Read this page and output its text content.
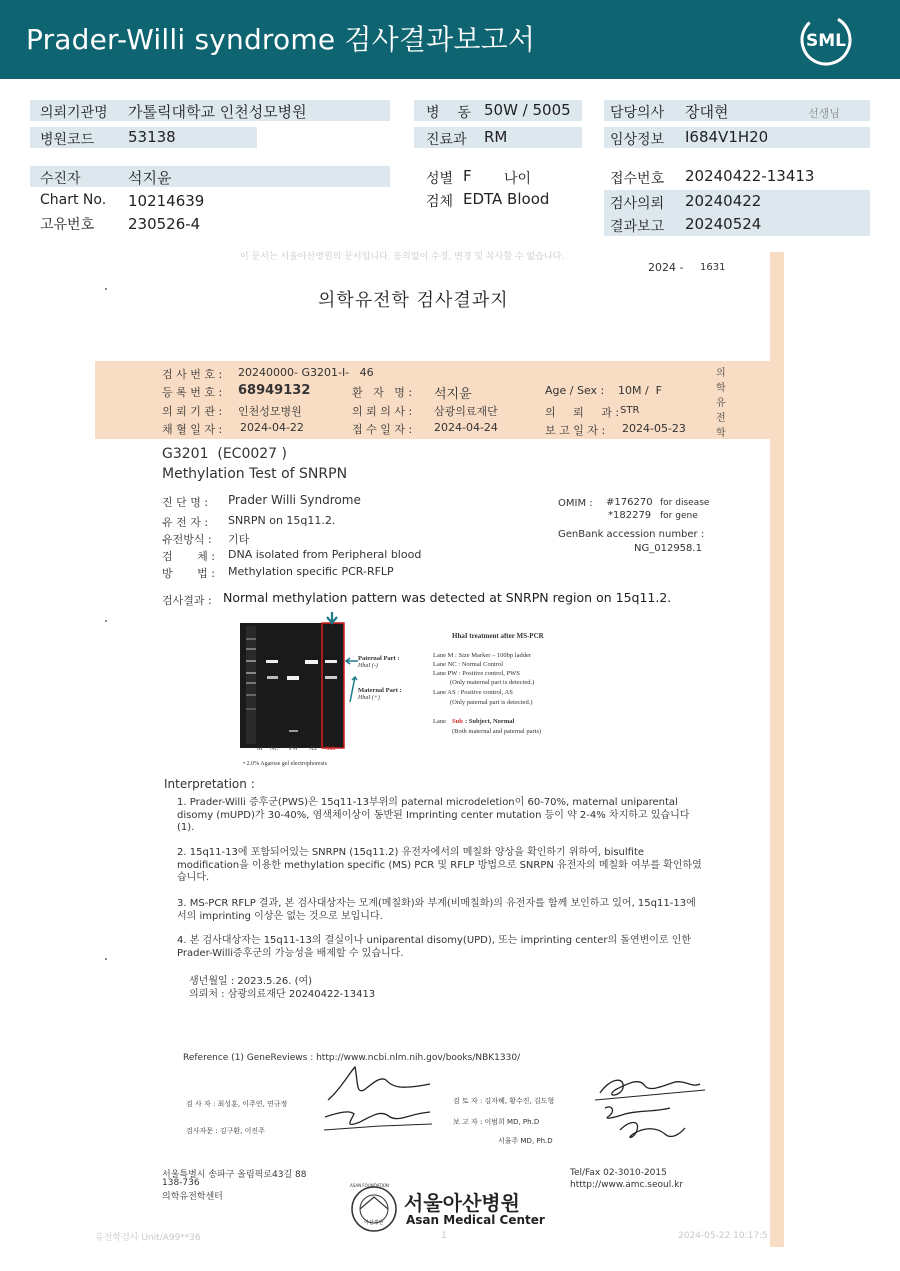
Prader-Willi syndrome 검사결과보고서	SML
의뢰기관명 가톨릭대학교 인천성모병원	병    동 50W / 5005	담당의사 장대현	선생님
병원코드 53138	진료과 RM	임상정보 I684V1H20
수진자	석지윤	성별 F 나이	접수번호 20240422-13413
Chart No. 10214639	검체 EDTA Blood	검사의뢰 20240422
고유번호 230526-4	결과보고 20240524
이 문서는 서울아산병원의 문서입니다. 동의없이 수정, 변경 및 복사할 수 없습니다.
2024 - 1631
의학유전학 검사결과지
검 사 번 호 : 20240000- G3201-I-   46
등 록 번 호 : 68949132	환   자   명 : 석지윤	Age / Sex : 10M /  F
의 뢰 기 관 : 인천성모병원	의 뢰 의 사 : 삼광의료재단	의     뢰     과 : STR
채 혈 일 자 : 2024-04-22	접 수 일 자 : 2024-04-24	보 고 일 자 : 2024-05-23
의학유전학
G3201  (EC0027 )
Methylation Test of SNRPN
진 단 명 : Prader Willi Syndrome
유 전 자 : SNRPN on 15q11.2.
유전방식 : 기타
검       체 : DNA isolated from Peripheral blood
방       법 : Methylation specific PCR-RFLP
OMIM : #176270 for disease
*182279 for gene
GenBank accession number :
NG_012958.1
검사결과 : Normal methylation pattern was detected at SNRPN region on 15q11.2.
M NC PW AS Sub
• 2.0% Agarose gel electrophoresis
Paternal Part :
HhaI (-)
Maternal Part :
HhaI (+)
HhaI treatment after MS-PCR
Lane M : Size Marker – 100bp ladder
Lane NC : Normal Control
Lane PW : Positive control, PWS
(Only maternal part is detected.)
Lane AS : Positive control, AS
(Only paternal part is detected.)
Lane Sub : Subject, Normal
(Both maternal and paternal parts)
Interpretation :
1. Prader-Willi 증후군(PWS)은 15q11-13부위의 paternal microdeletion이 60-70%, maternal uniparental disomy (mUPD)가 30-40%, 염색체이상이 동반된 Imprinting center mutation 등이 약 2-4% 차지하고 있습니다 (1).
2. 15q11-13에 포함되어있는 SNRPN (15q11.2) 유전자에서의 메칠화 양상을 확인하기 위하여, bisulfite modification을 이용한 methylation specific (MS) PCR 및 RFLP 방법으로 SNRPN 유전자의 메칠화 여부를 확인하였습니다.
3. MS-PCR RFLP 결과, 본 검사대상자는 모계(메칠화)와 부계(비메칠화)의 유전자를 함께 보인하고 있어, 15q11-13에서의 imprinting 이상은 없는 것으로 보입니다.
4. 본 검사대상자는 15q11-13의 결실이나 uniparental disomy(UPD), 또는 imprinting center의 돌연변이로 인한 Prader-Willi증후군의 가능성을 배제할 수 있습니다.
생년월일 : 2023.5.26. (여)
의뢰처 : 삼광의료재단 20240422-13413
Reference (1) GeneReviews : http://www.ncbi.nlm.nih.gov/books/NBK1330/
검 사 자 : 최성훈, 이주연, 연규정
검사자문 : 김구환, 이진주
검 토 자 : 김자혜, 황수진, 김도형
보 고 자 : 이범희 MD, Ph.D
서율주 MD, Ph.D
서울특별시 송파구 올림픽로43길 88
138-736
의학유전학센터
ASAN FOUNDATION
아산재단
서울아산병원
Asan Medical Center
Tel/Fax 02-3010-2015
htttp://www.amc.seoul.kr
유전학검사 Unit/A99**36	1	2024-05-22 10:17:5
